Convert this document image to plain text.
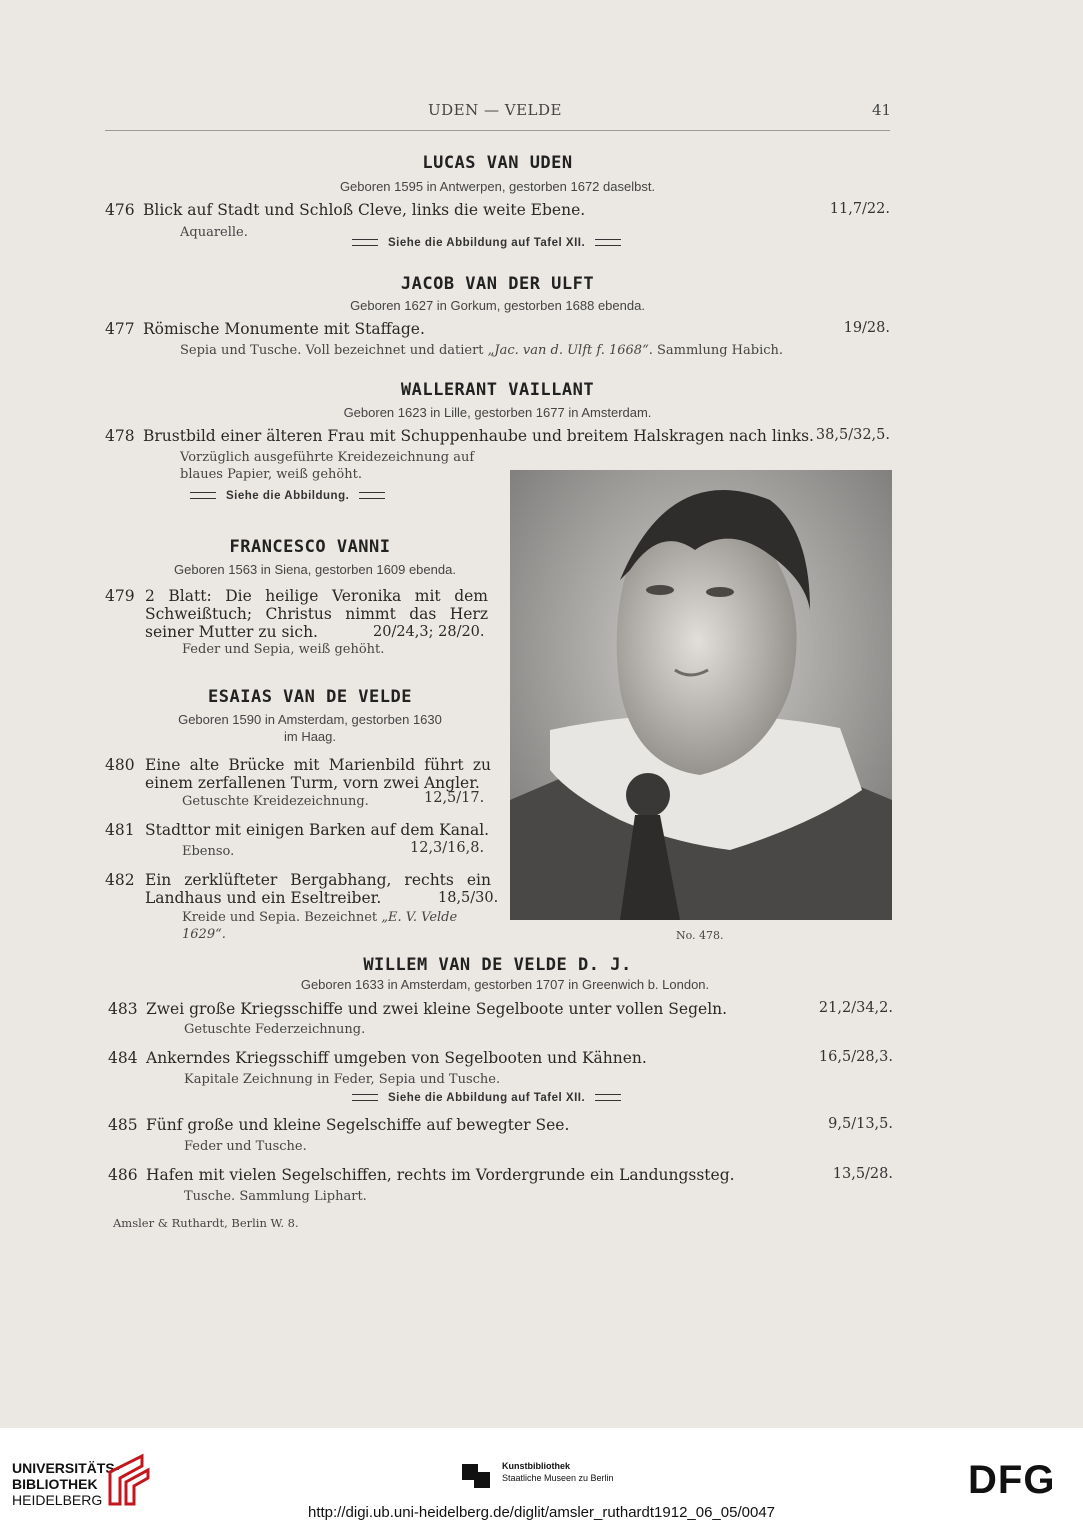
UDEN — VELDE	41
LUCAS VAN UDEN
Geboren 1595 in Antwerpen, gestorben 1672 daselbst.
476 Blick auf Stadt und Schloß Cleve, links die weite Ebene.	11,7/22.
Aquarelle.
Siehe die Abbildung auf Tafel XII.
JACOB VAN DER ULFT
Geboren 1627 in Gorkum, gestorben 1688 ebenda.
477 Römische Monumente mit Staffage.	19/28.
Sepia und Tusche. Voll bezeichnet und datiert „Jac. van d. Ulft f. 1668“. Sammlung Habich.
WALLERANT VAILLANT
Geboren 1623 in Lille, gestorben 1677 in Amsterdam.
478 Brustbild einer älteren Frau mit Schuppenhaube und breitem Halskragen nach links. 38,5/32,5.
Vorzüglich ausgeführte Kreidezeichnung auf
blaues Papier, weiß gehöht.
Siehe die Abbildung.
No. 478.
FRANCESCO VANNI
Geboren 1563 in Siena, gestorben 1609 ebenda.
479 2 Blatt: Die heilige Veronika mit dem
Schweißtuch; Christus nimmt das Herz
seiner Mutter zu sich.	20/24,3; 28/20.
Feder und Sepia, weiß gehöht.
ESAIAS VAN DE VELDE
Geboren 1590 in Amsterdam, gestorben 1630
im Haag.
480 Eine alte Brücke mit Marienbild führt zu
einem zerfallenen Turm, vorn zwei Angler.
Getuschte Kreidezeichnung.	12,5/17.
481 Stadttor mit einigen Barken auf dem Kanal.
Ebenso.	12,3/16,8.
482 Ein zerklüfteter Bergabhang, rechts ein
Landhaus und ein Eseltreiber.	18,5/30.
Kreide und Sepia. Bezeichnet „E. V. Velde
1629“.
WILLEM VAN DE VELDE D. J.
Geboren 1633 in Amsterdam, gestorben 1707 in Greenwich b. London.
483 Zwei große Kriegsschiffe und zwei kleine Segelboote unter vollen Segeln.	21,2/34,2.
Getuschte Federzeichnung.
484 Ankerndes Kriegsschiff umgeben von Segelbooten und Kähnen.	16,5/28,3.
Kapitale Zeichnung in Feder, Sepia und Tusche.
Siehe die Abbildung auf Tafel XII.
485 Fünf große und kleine Segelschiffe auf bewegter See.	9,5/13,5.
Feder und Tusche.
486 Hafen mit vielen Segelschiffen, rechts im Vordergrunde ein Landungssteg.	13,5/28.
Tusche. Sammlung Liphart.
Amsler & Ruthardt, Berlin W. 8.
UNIVERSITÄTS-
BIBLIOTHEK
HEIDELBERG
Kunstbibliothek
Staatliche Museen zu Berlin	DFG
http://digi.ub.uni-heidelberg.de/diglit/amsler_ruthardt1912_06_05/0047
